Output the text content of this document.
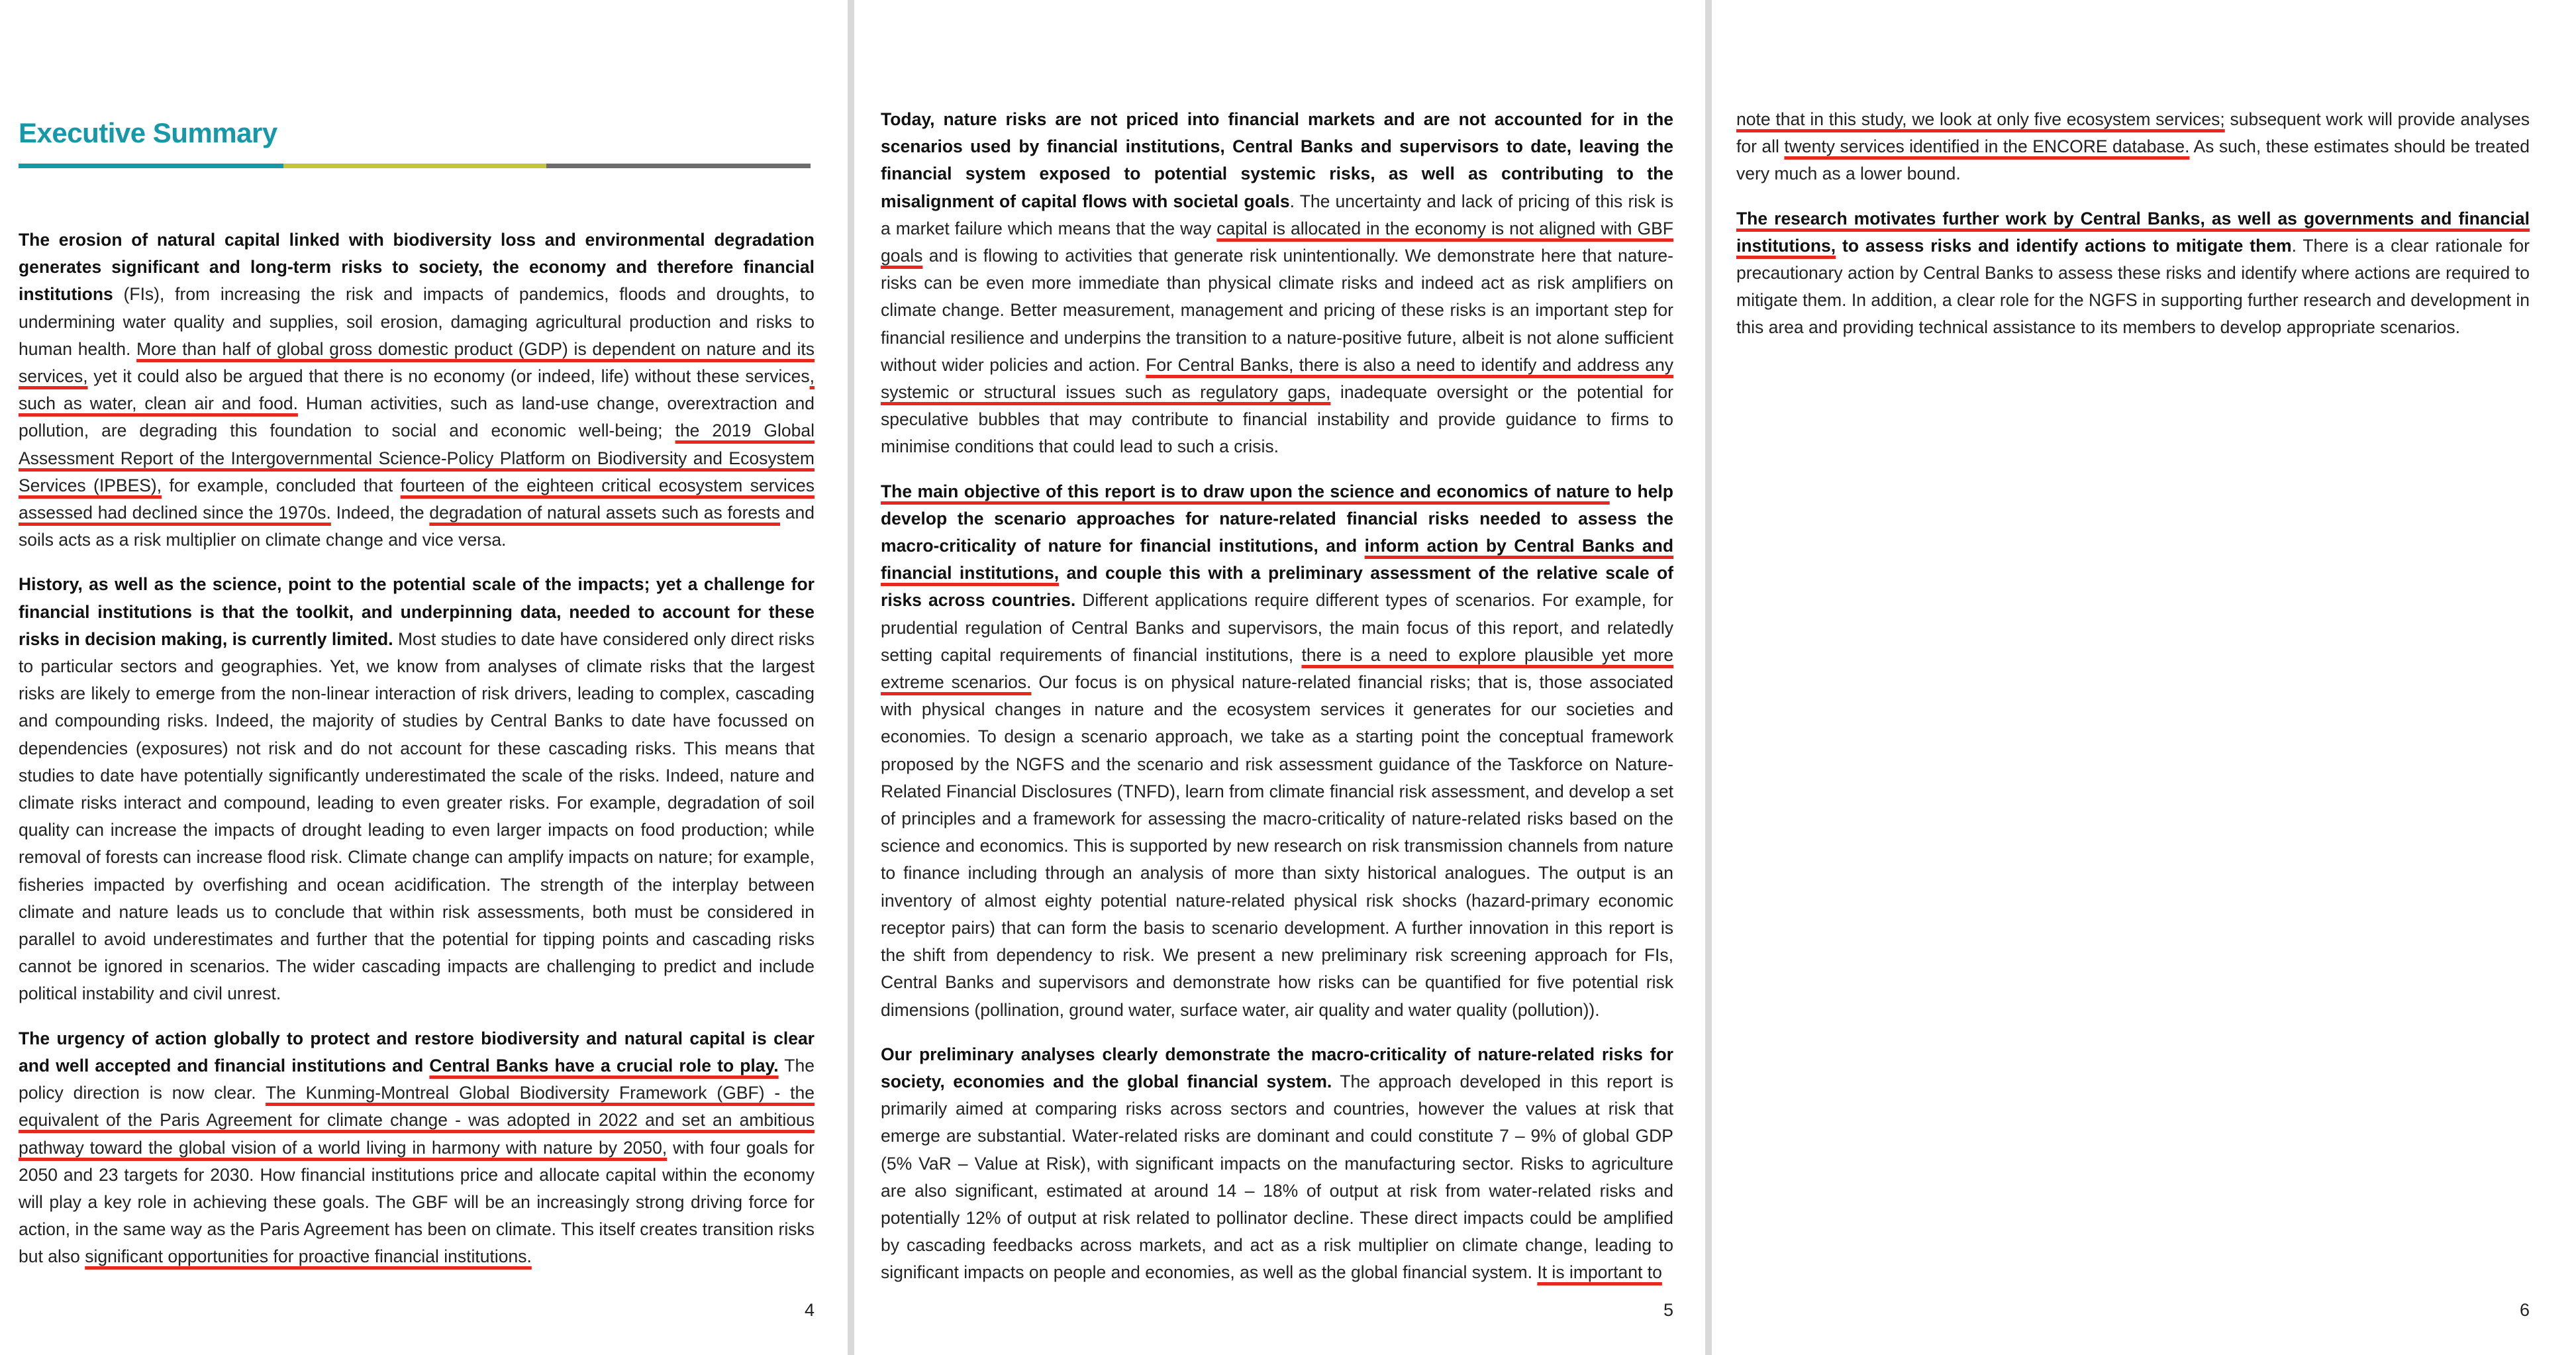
Executive Summary

The erosion of natural capital linked with biodiversity loss and environmental degradation generates significant and long-term risks to society, the economy and therefore financial institutions (FIs), from increasing the risk and impacts of pandemics, floods and droughts, to undermining water quality and supplies, soil erosion, damaging agricultural production and risks to human health. More than half of global gross domestic product (GDP) is dependent on nature and its services, yet it could also be argued that there is no economy (or indeed, life) without these services, such as water, clean air and food. Human activities, such as land-use change, overextraction and pollution, are degrading this foundation to social and economic well-being; the 2019 Global Assessment Report of the Intergovernmental Science-Policy Platform on Biodiversity and Ecosystem Services (IPBES), for example, concluded that fourteen of the eighteen critical ecosystem services assessed had declined since the 1970s. Indeed, the degradation of natural assets such as forests and soils acts as a risk multiplier on climate change and vice versa.

History, as well as the science, point to the potential scale of the impacts; yet a challenge for financial institutions is that the toolkit, and underpinning data, needed to account for these risks in decision making, is currently limited. Most studies to date have considered only direct risks to particular sectors and geographies. Yet, we know from analyses of climate risks that the largest risks are likely to emerge from the non-linear interaction of risk drivers, leading to complex, cascading and compounding risks. Indeed, the majority of studies by Central Banks to date have focussed on dependencies (exposures) not risk and do not account for these cascading risks. This means that studies to date have potentially significantly underestimated the scale of the risks. Indeed, nature and climate risks interact and compound, leading to even greater risks. For example, degradation of soil quality can increase the impacts of drought leading to even larger impacts on food production; while removal of forests can increase flood risk. Climate change can amplify impacts on nature; for example, fisheries impacted by overfishing and ocean acidification. The strength of the interplay between climate and nature leads us to conclude that within risk assessments, both must be considered in parallel to avoid underestimates and further that the potential for tipping points and cascading risks cannot be ignored in scenarios. The wider cascading impacts are challenging to predict and include political instability and civil unrest.

The urgency of action globally to protect and restore biodiversity and natural capital is clear and well accepted and financial institutions and Central Banks have a crucial role to play. The policy direction is now clear. The Kunming-Montreal Global Biodiversity Framework (GBF) - the equivalent of the Paris Agreement for climate change - was adopted in 2022 and set an ambitious pathway toward the global vision of a world living in harmony with nature by 2050, with four goals for 2050 and 23 targets for 2030. How financial institutions price and allocate capital within the economy will play a key role in achieving these goals. The GBF will be an increasingly strong driving force for action, in the same way as the Paris Agreement has been on climate. This itself creates transition risks but also significant opportunities for proactive financial institutions.

4

Today, nature risks are not priced into financial markets and are not accounted for in the scenarios used by financial institutions, Central Banks and supervisors to date, leaving the financial system exposed to potential systemic risks, as well as contributing to the misalignment of capital flows with societal goals. The uncertainty and lack of pricing of this risk is a market failure which means that the way capital is allocated in the economy is not aligned with GBF goals and is flowing to activities that generate risk unintentionally. We demonstrate here that nature-risks can be even more immediate than physical climate risks and indeed act as risk amplifiers on climate change. Better measurement, management and pricing of these risks is an important step for financial resilience and underpins the transition to a nature-positive future, albeit is not alone sufficient without wider policies and action. For Central Banks, there is also a need to identify and address any systemic or structural issues such as regulatory gaps, inadequate oversight or the potential for speculative bubbles that may contribute to financial instability and provide guidance to firms to minimise conditions that could lead to such a crisis.

The main objective of this report is to draw upon the science and economics of nature to help develop the scenario approaches for nature-related financial risks needed to assess the macro-criticality of nature for financial institutions, and inform action by Central Banks and financial institutions, and couple this with a preliminary assessment of the relative scale of risks across countries. Different applications require different types of scenarios. For example, for prudential regulation of Central Banks and supervisors, the main focus of this report, and relatedly setting capital requirements of financial institutions, there is a need to explore plausible yet more extreme scenarios. Our focus is on physical nature-related financial risks; that is, those associated with physical changes in nature and the ecosystem services it generates for our societies and economies. To design a scenario approach, we take as a starting point the conceptual framework proposed by the NGFS and the scenario and risk assessment guidance of the Taskforce on Nature-Related Financial Disclosures (TNFD), learn from climate financial risk assessment, and develop a set of principles and a framework for assessing the macro-criticality of nature-related risks based on the science and economics. This is supported by new research on risk transmission channels from nature to finance including through an analysis of more than sixty historical analogues. The output is an inventory of almost eighty potential nature-related physical risk shocks (hazard-primary economic receptor pairs) that can form the basis to scenario development. A further innovation in this report is the shift from dependency to risk. We present a new preliminary risk screening approach for FIs, Central Banks and supervisors and demonstrate how risks can be quantified for five potential risk dimensions (pollination, ground water, surface water, air quality and water quality (pollution)).

Our preliminary analyses clearly demonstrate the macro-criticality of nature-related risks for society, economies and the global financial system. The approach developed in this report is primarily aimed at comparing risks across sectors and countries, however the values at risk that emerge are substantial. Water-related risks are dominant and could constitute 7 – 9% of global GDP (5% VaR – Value at Risk), with significant impacts on the manufacturing sector. Risks to agriculture are also significant, estimated at around 14 – 18% of output at risk from water-related risks and potentially 12% of output at risk related to pollinator decline. These direct impacts could be amplified by cascading feedbacks across markets, and act as a risk multiplier on climate change, leading to significant impacts on people and economies, as well as the global financial system. It is important to

5

note that in this study, we look at only five ecosystem services; subsequent work will provide analyses for all twenty services identified in the ENCORE database. As such, these estimates should be treated very much as a lower bound.

The research motivates further work by Central Banks, as well as governments and financial institutions, to assess risks and identify actions to mitigate them. There is a clear rationale for precautionary action by Central Banks to assess these risks and identify where actions are required to mitigate them. In addition, a clear role for the NGFS in supporting further research and development in this area and providing technical assistance to its members to develop appropriate scenarios.

6
